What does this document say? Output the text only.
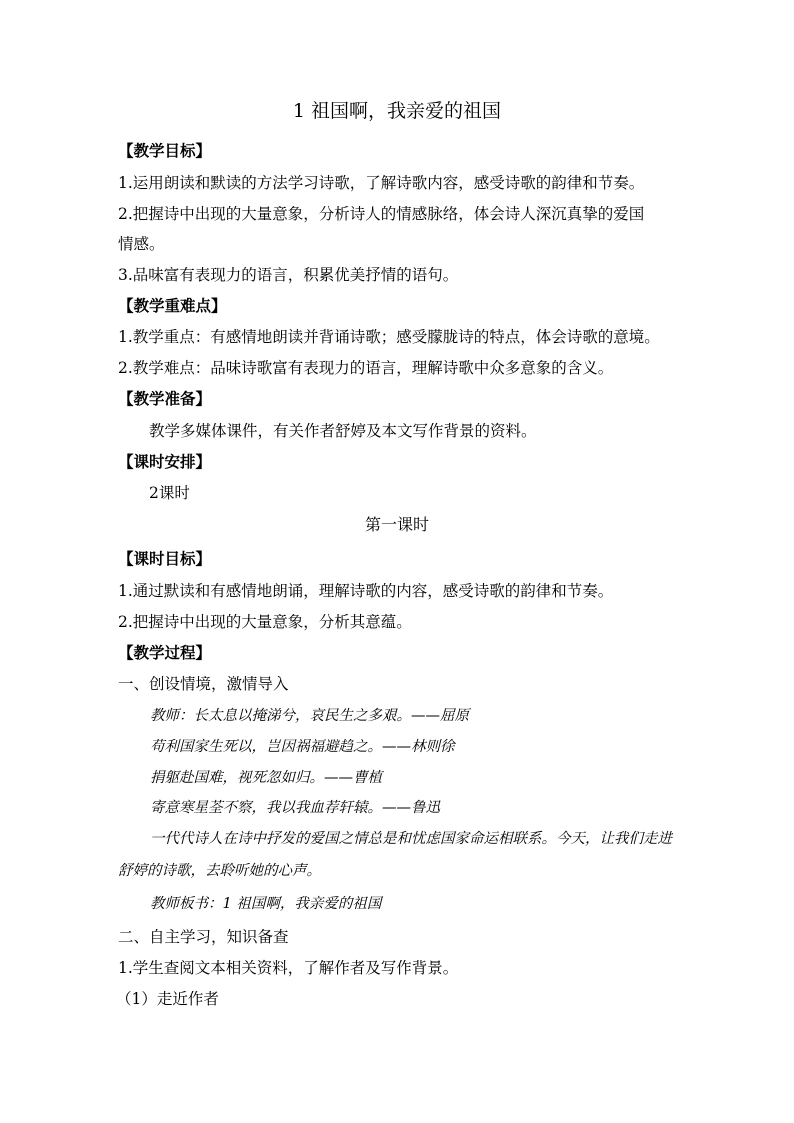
1 祖国啊，我亲爱的祖国
【教学目标】
1.运用朗读和默读的方法学习诗歌，了解诗歌内容，感受诗歌的韵律和节奏。
2.把握诗中出现的大量意象，分析诗人的情感脉络，体会诗人深沉真挚的爱国
情感。
3.品味富有表现力的语言，积累优美抒情的语句。
【教学重难点】
1.教学重点：有感情地朗读并背诵诗歌；感受朦胧诗的特点，体会诗歌的意境。
2.教学难点：品味诗歌富有表现力的语言，理解诗歌中众多意象的含义。
【教学准备】
教学多媒体课件，有关作者舒婷及本文写作背景的资料。
【课时安排】
2课时
第一课时
【课时目标】
1.通过默读和有感情地朗诵，理解诗歌的内容，感受诗歌的韵律和节奏。
2.把握诗中出现的大量意象，分析其意蕴。
【教学过程】
一、创设情境，激情导入
教师：长太息以掩涕兮，哀民生之多艰。——屈原
苟利国家生死以，岂因祸福避趋之。——林则徐
捐躯赴国难，视死忽如归。——曹植
寄意寒星荃不察，我以我血荐轩辕。——鲁迅
一代代诗人在诗中抒发的爱国之情总是和忧虑国家命运相联系。今天，让我们走进舒婷的诗歌，去聆听她的心声。
教师板书：1 祖国啊，我亲爱的祖国
二、自主学习，知识备查
1.学生查阅文本相关资料，了解作者及写作背景。
（1）走近作者
